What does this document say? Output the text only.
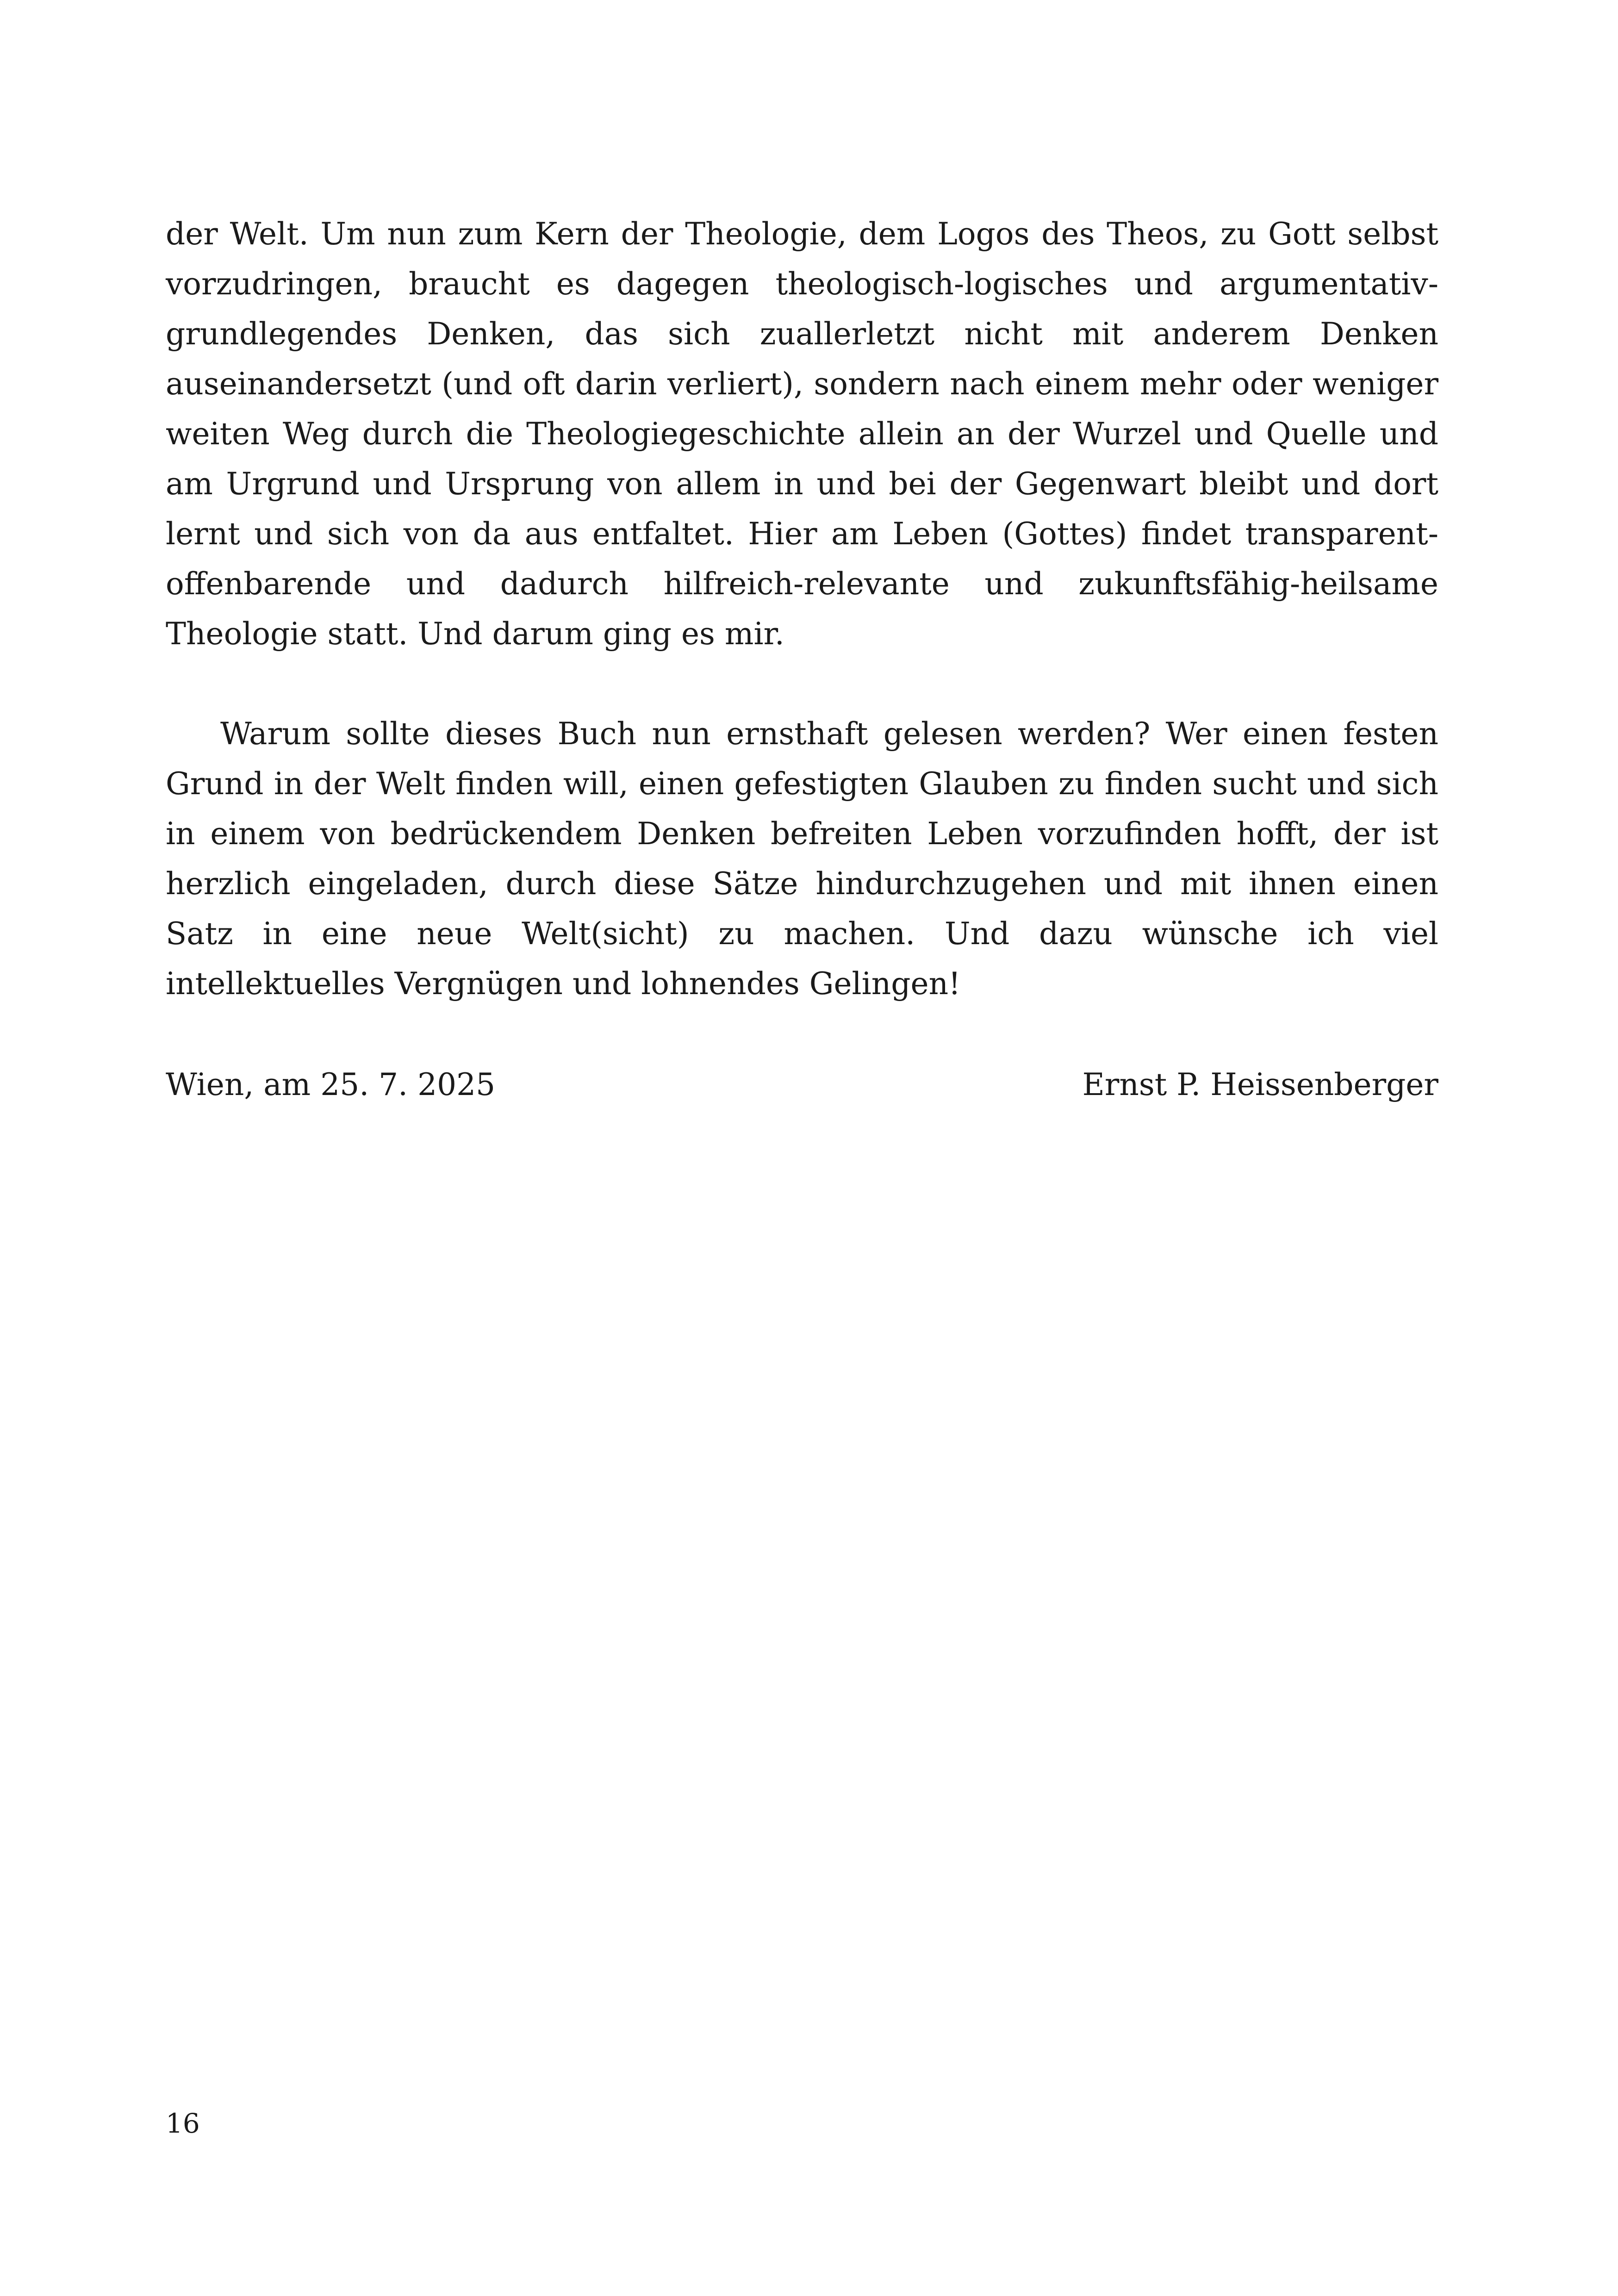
der Welt. Um nun zum Kern der Theologie, dem Logos des Theos, zu Gott selbst vorzudringen, braucht es dagegen theologisch-logisches und argumentativ-grundlegendes Denken, das sich zuallerletzt nicht mit anderem Denken auseinandersetzt (und oft darin verliert), sondern nach einem mehr oder weniger weiten Weg durch die Theologiegeschichte allein an der Wurzel und Quelle und am Urgrund und Ursprung von allem in und bei der Gegenwart bleibt und dort lernt und sich von da aus entfaltet. Hier am Leben (Gottes) findet transparent-offenbarende und dadurch hilfreich-relevante und zukunftsfähig-heilsame Theologie statt. Und darum ging es mir.

Warum sollte dieses Buch nun ernsthaft gelesen werden? Wer einen festen Grund in der Welt finden will, einen gefestigten Glauben zu finden sucht und sich in einem von bedrückendem Denken befreiten Leben vorzufinden hofft, der ist herzlich eingeladen, durch diese Sätze hindurchzugehen und mit ihnen einen Satz in eine neue Welt(sicht) zu machen. Und dazu wünsche ich viel intellektuelles Vergnügen und lohnendes Gelingen!

Wien, am 25. 7. 2025	Ernst P. Heissenberger
16
